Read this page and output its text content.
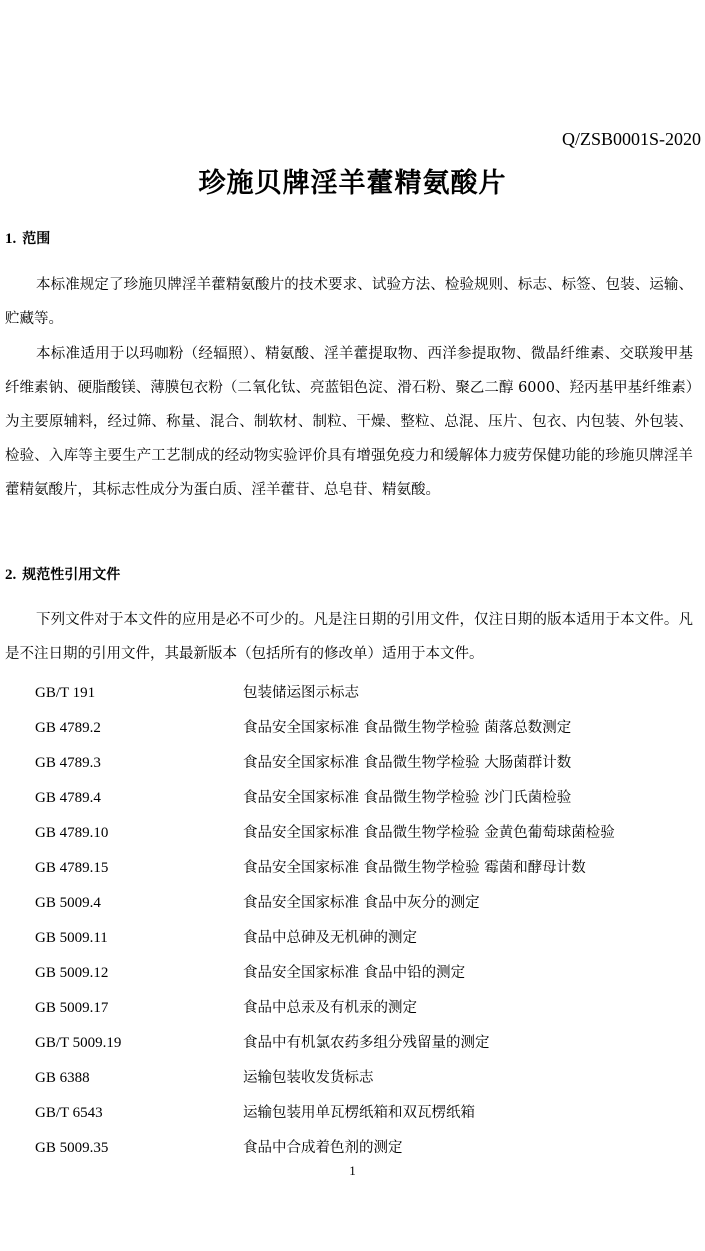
Q/ZSB0001S-2020
珍施贝牌淫羊藿精氨酸片
1. 范围

本标准规定了珍施贝牌淫羊藿精氨酸片的技术要求、试验方法、检验规则、标志、标签、包装、运输、贮藏等。

本标准适用于以玛咖粉（经辐照）、精氨酸、淫羊藿提取物、西洋参提取物、微晶纤维素、交联羧甲基纤维素钠、硬脂酸镁、薄膜包衣粉（二氧化钛、亮蓝铝色淀、滑石粉、聚乙二醇 6000、羟丙基甲基纤维素）为主要原辅料，经过筛、称量、混合、制软材、制粒、干燥、整粒、总混、压片、包衣、内包装、外包装、检验、入库等主要生产工艺制成的经动物实验评价具有增强免疫力和缓解体力疲劳保健功能的珍施贝牌淫羊藿精氨酸片，其标志性成分为蛋白质、淫羊藿苷、总皂苷、精氨酸。

2. 规范性引用文件

下列文件对于本文件的应用是必不可少的。凡是注日期的引用文件，仅注日期的版本适用于本文件。凡是不注日期的引用文件，其最新版本（包括所有的修改单）适用于本文件。

GB/T 191	包装储运图示标志
GB 4789.2	食品安全国家标准 食品微生物学检验 菌落总数测定
GB 4789.3	食品安全国家标准 食品微生物学检验 大肠菌群计数
GB 4789.4	食品安全国家标准 食品微生物学检验 沙门氏菌检验
GB 4789.10	食品安全国家标准 食品微生物学检验 金黄色葡萄球菌检验
GB 4789.15	食品安全国家标准 食品微生物学检验 霉菌和酵母计数
GB 5009.4	食品安全国家标准 食品中灰分的测定
GB 5009.11	食品中总砷及无机砷的测定
GB 5009.12	食品安全国家标准 食品中铅的测定
GB 5009.17	食品中总汞及有机汞的测定
GB/T 5009.19	食品中有机氯农药多组分残留量的测定
GB 6388	运输包装收发货标志
GB/T 6543	运输包装用单瓦楞纸箱和双瓦楞纸箱
GB 5009.35	食品中合成着色剂的测定
1
